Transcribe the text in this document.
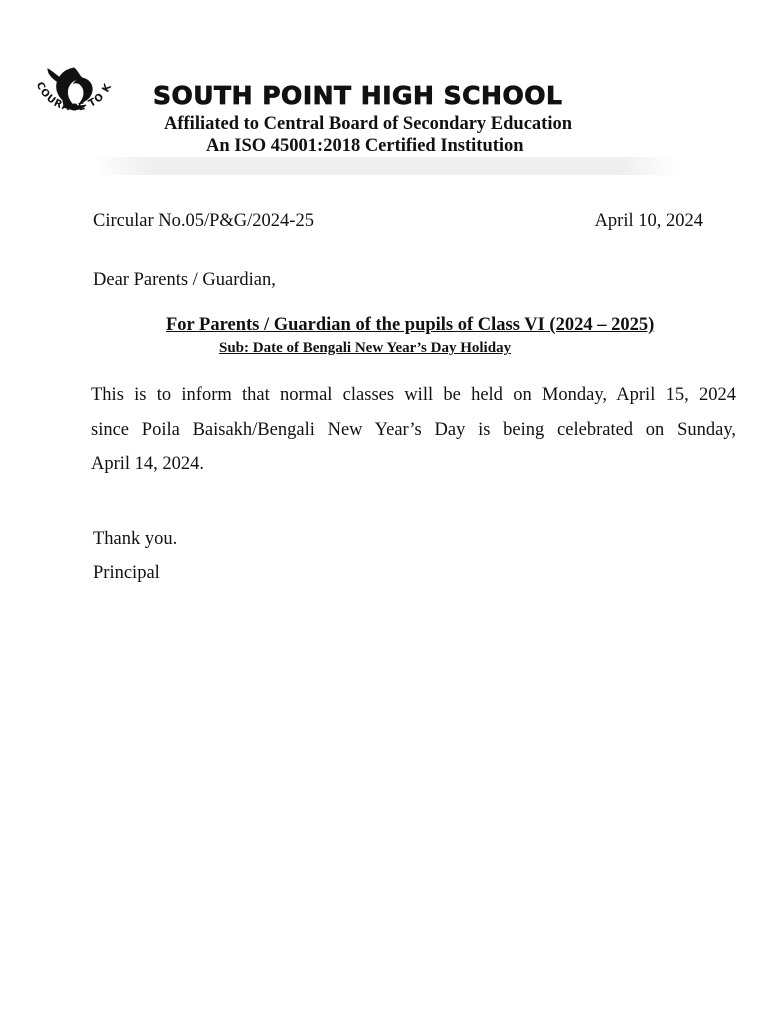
COURAGE TO K SOUTH POINT HIGH SCHOOL
Affiliated to Central Board of Secondary Education
An ISO 45001:2018 Certified Institution
Circular No.05/P&G/2024-25	April 10, 2024
Dear Parents / Guardian,
For Parents / Guardian of the pupils of Class VI (2024 – 2025)
Sub: Date of Bengali New Year’s Day Holiday
This is to inform that normal classes will be held on Monday, April 15, 2024
since Poila Baisakh/Bengali New Year’s Day is being celebrated on Sunday,
April 14, 2024.
Thank you.
Principal
